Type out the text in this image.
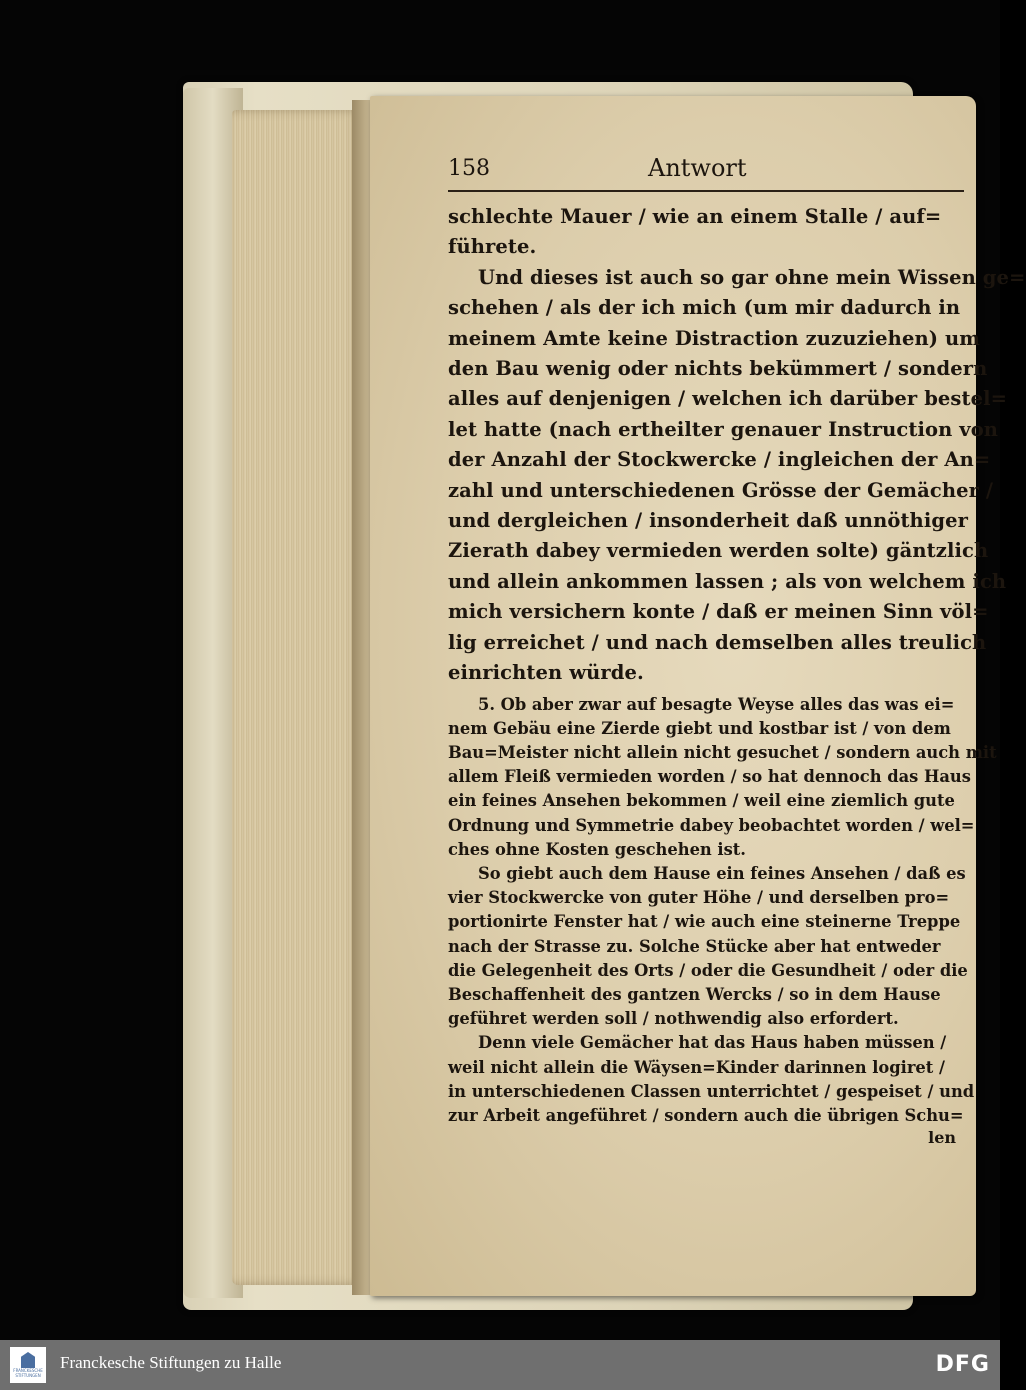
158	Antwort
schlechte Mauer / wie an einem Stalle / auf=
führete.
Und dieses ist auch so gar ohne mein Wissen ge=
schehen / als der ich mich (um mir dadurch in
meinem Amte keine Distraction zuzuziehen) um
den Bau wenig oder nichts bekümmert / sondern
alles auf denjenigen / welchen ich darüber bestel=
let hatte (nach ertheilter genauer Instruction von
der Anzahl der Stockwercke / ingleichen der An=
zahl und unterschiedenen Grösse der Gemächer /
und dergleichen / insonderheit daß unnöthiger
Zierath dabey vermieden werden solte) gäntzlich
und allein ankommen lassen ; als von welchem ich
mich versichern konte / daß er meinen Sinn völ=
lig erreichet / und nach demselben alles treulich
einrichten würde.
5. Ob aber zwar auf besagte Weyse alles das was ei=
nem Gebäu eine Zierde giebt und kostbar ist / von dem
Bau=Meister nicht allein nicht gesuchet / sondern auch mit
allem Fleiß vermieden worden / so hat dennoch das Haus
ein feines Ansehen bekommen / weil eine ziemlich gute
Ordnung und Symmetrie dabey beobachtet worden / wel=
ches ohne Kosten geschehen ist.
So giebt auch dem Hause ein feines Ansehen / daß es
vier Stockwercke von guter Höhe / und derselben pro=
portionirte Fenster hat / wie auch eine steinerne Treppe
nach der Strasse zu. Solche Stücke aber hat entweder
die Gelegenheit des Orts / oder die Gesundheit / oder die
Beschaffenheit des gantzen Wercks / so in dem Hause
geführet werden soll / nothwendig also erfordert.
Denn viele Gemächer hat das Haus haben müssen /
weil nicht allein die Wäysen=Kinder darinnen logiret /
in unterschiedenen Classen unterrichtet / gespeiset / und
zur Arbeit angeführet / sondern auch die übrigen Schu=
len
FRANCKESCHE STIFTUNGEN
Franckesche Stiftungen zu Halle	DFG
